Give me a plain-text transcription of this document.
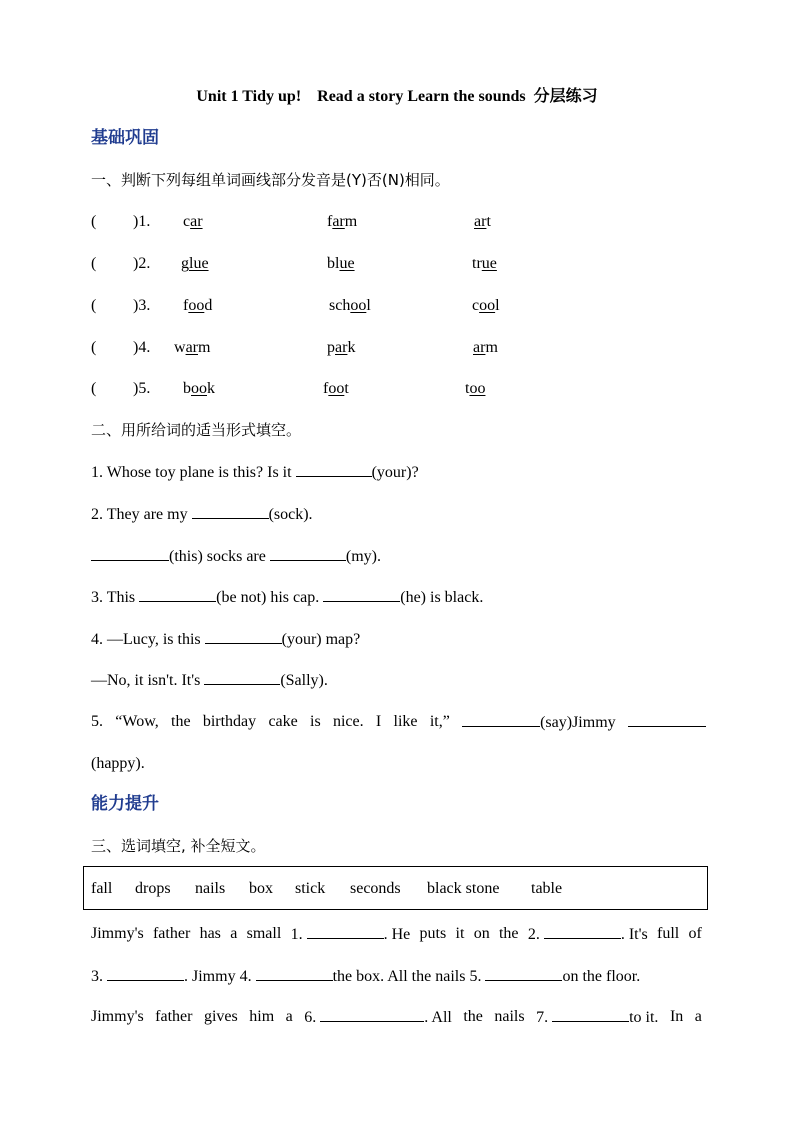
Unit 1 Tidy up!    Read a story Learn the sounds  分层练习
基础巩固
一、判断下列每组单词画线部分发音是(Y)否(N)相同。
( )1. car	farm	art
( )2. glue	blue	true
( )3. food	school	cool
( )4. warm	park	arm
( )5. book	foot	too
二、用所给词的适当形式填空。
1. Whose toy plane is this? Is it	(your)?
2. They are my	(sock).
(this) socks are	(my).
3. This	(be not) his cap.	(he) is black.
4. —Lucy, is this	(your) map?
—No, it isn't. It's	(Sally).
5. “Wow, the birthday cake is nice. I like it,”	(say)Jimmy
(happy).
能力提升
三、选词填空, 补全短文。
fall drops nails box stick seconds black stone table
Jimmy's father has a small 1.	. He puts it on the 2.	. It's full of
3.	. Jimmy 4.	the box. All the nails 5.	on the floor.
Jimmy's father gives him a 6.	. All the nails 7.	to it. In a
